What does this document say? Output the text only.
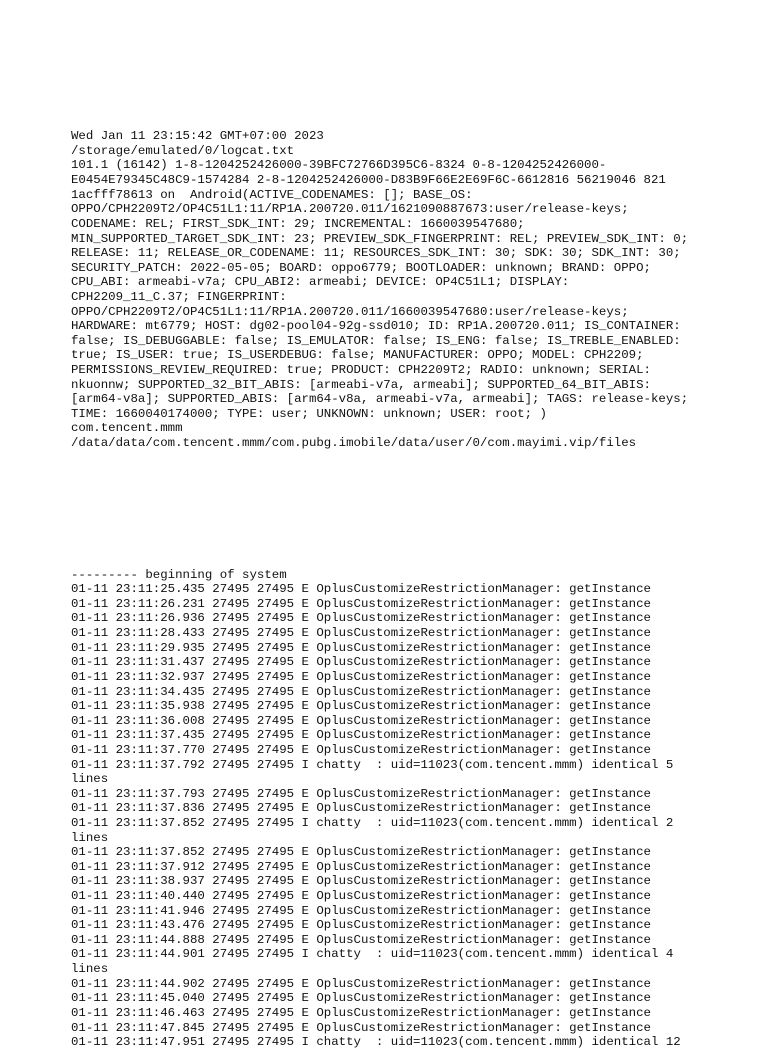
Wed Jan 11 23:15:42 GMT+07:00 2023
/storage/emulated/0/logcat.txt
101.1 (16142) 1-8-1204252426000-39BFC72766D395C6-8324 0-8-1204252426000-
E0454E79345C48C9-1574284 2-8-1204252426000-D83B9F66E2E69F6C-6612816 56219046 821
1acfff78613 on  Android(ACTIVE_CODENAMES: []; BASE_OS:
OPPO/CPH2209T2/OP4C51L1:11/RP1A.200720.011/1621090887673:user/release-keys;
CODENAME: REL; FIRST_SDK_INT: 29; INCREMENTAL: 1660039547680;
MIN_SUPPORTED_TARGET_SDK_INT: 23; PREVIEW_SDK_FINGERPRINT: REL; PREVIEW_SDK_INT: 0;
RELEASE: 11; RELEASE_OR_CODENAME: 11; RESOURCES_SDK_INT: 30; SDK: 30; SDK_INT: 30;
SECURITY_PATCH: 2022-05-05; BOARD: oppo6779; BOOTLOADER: unknown; BRAND: OPPO;
CPU_ABI: armeabi-v7a; CPU_ABI2: armeabi; DEVICE: OP4C51L1; DISPLAY:
CPH2209_11_C.37; FINGERPRINT:
OPPO/CPH2209T2/OP4C51L1:11/RP1A.200720.011/1660039547680:user/release-keys;
HARDWARE: mt6779; HOST: dg02-pool04-92g-ssd010; ID: RP1A.200720.011; IS_CONTAINER:
false; IS_DEBUGGABLE: false; IS_EMULATOR: false; IS_ENG: false; IS_TREBLE_ENABLED:
true; IS_USER: true; IS_USERDEBUG: false; MANUFACTURER: OPPO; MODEL: CPH2209;
PERMISSIONS_REVIEW_REQUIRED: true; PRODUCT: CPH2209T2; RADIO: unknown; SERIAL:
nkuonnw; SUPPORTED_32_BIT_ABIS: [armeabi-v7a, armeabi]; SUPPORTED_64_BIT_ABIS:
[arm64-v8a]; SUPPORTED_ABIS: [arm64-v8a, armeabi-v7a, armeabi]; TAGS: release-keys;
TIME: 1660040174000; TYPE: user; UNKNOWN: unknown; USER: root; )
com.tencent.mmm
/data/data/com.tencent.mmm/com.pubg.imobile/data/user/0/com.mayimi.vip/files

--------- beginning of system
01-11 23:11:25.435 27495 27495 E OplusCustomizeRestrictionManager: getInstance
01-11 23:11:26.231 27495 27495 E OplusCustomizeRestrictionManager: getInstance
01-11 23:11:26.936 27495 27495 E OplusCustomizeRestrictionManager: getInstance
01-11 23:11:28.433 27495 27495 E OplusCustomizeRestrictionManager: getInstance
01-11 23:11:29.935 27495 27495 E OplusCustomizeRestrictionManager: getInstance
01-11 23:11:31.437 27495 27495 E OplusCustomizeRestrictionManager: getInstance
01-11 23:11:32.937 27495 27495 E OplusCustomizeRestrictionManager: getInstance
01-11 23:11:34.435 27495 27495 E OplusCustomizeRestrictionManager: getInstance
01-11 23:11:35.938 27495 27495 E OplusCustomizeRestrictionManager: getInstance
01-11 23:11:36.008 27495 27495 E OplusCustomizeRestrictionManager: getInstance
01-11 23:11:37.435 27495 27495 E OplusCustomizeRestrictionManager: getInstance
01-11 23:11:37.770 27495 27495 E OplusCustomizeRestrictionManager: getInstance
01-11 23:11:37.792 27495 27495 I chatty  : uid=11023(com.tencent.mmm) identical 5
lines
01-11 23:11:37.793 27495 27495 E OplusCustomizeRestrictionManager: getInstance
01-11 23:11:37.836 27495 27495 E OplusCustomizeRestrictionManager: getInstance
01-11 23:11:37.852 27495 27495 I chatty  : uid=11023(com.tencent.mmm) identical 2
lines
01-11 23:11:37.852 27495 27495 E OplusCustomizeRestrictionManager: getInstance
01-11 23:11:37.912 27495 27495 E OplusCustomizeRestrictionManager: getInstance
01-11 23:11:38.937 27495 27495 E OplusCustomizeRestrictionManager: getInstance
01-11 23:11:40.440 27495 27495 E OplusCustomizeRestrictionManager: getInstance
01-11 23:11:41.946 27495 27495 E OplusCustomizeRestrictionManager: getInstance
01-11 23:11:43.476 27495 27495 E OplusCustomizeRestrictionManager: getInstance
01-11 23:11:44.888 27495 27495 E OplusCustomizeRestrictionManager: getInstance
01-11 23:11:44.901 27495 27495 I chatty  : uid=11023(com.tencent.mmm) identical 4
lines
01-11 23:11:44.902 27495 27495 E OplusCustomizeRestrictionManager: getInstance
01-11 23:11:45.040 27495 27495 E OplusCustomizeRestrictionManager: getInstance
01-11 23:11:46.463 27495 27495 E OplusCustomizeRestrictionManager: getInstance
01-11 23:11:47.845 27495 27495 E OplusCustomizeRestrictionManager: getInstance
01-11 23:11:47.951 27495 27495 I chatty  : uid=11023(com.tencent.mmm) identical 12
